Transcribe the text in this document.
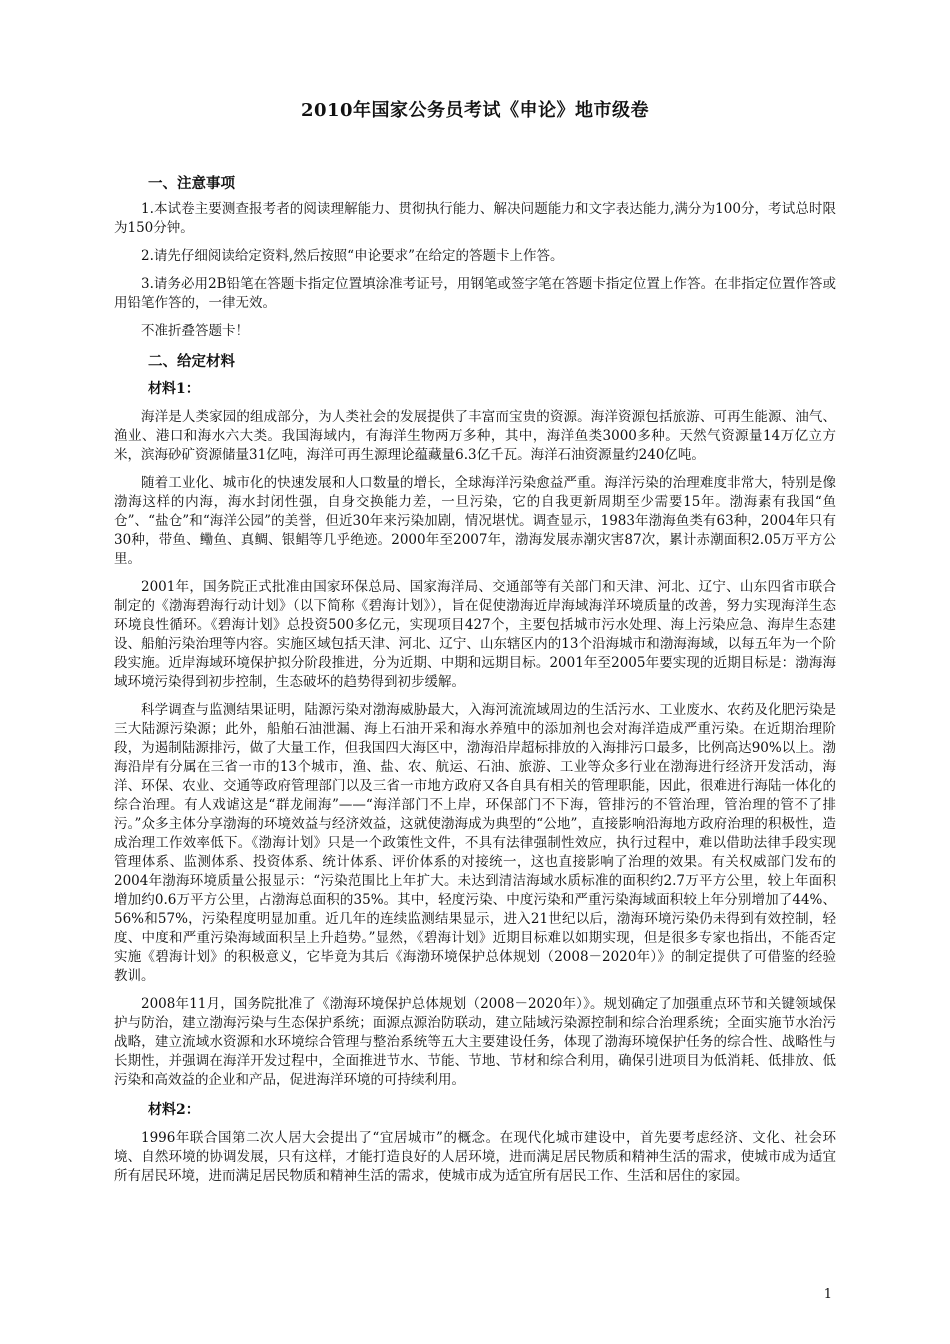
2010年国家公务员考试《申论》地市级卷
一、注意事项
1.本试卷主要测查报考者的阅读理解能力、贯彻执行能力、解决问题能力和文字表达能力,满分为100分，考试总时限为150分钟。
2.请先仔细阅读给定资料,然后按照“申论要求”在给定的答题卡上作答。
3.请务必用2B铅笔在答题卡指定位置填涂准考证号，用钢笔或签字笔在答题卡指定位置上作答。在非指定位置作答或用铅笔作答的，一律无效。
不准折叠答题卡！
二、给定材料
材料1：
海洋是人类家园的组成部分，为人类社会的发展提供了丰富而宝贵的资源。海洋资源包括旅游、可再生能源、油气、渔业、港口和海水六大类。我国海域内，有海洋生物两万多种，其中，海洋鱼类3000多种。天然气资源量14万亿立方米，滨海砂矿资源储量31亿吨，海洋可再生源理论蕴藏量6.3亿千瓦。海洋石油资源量约240亿吨。
随着工业化、城市化的快速发展和人口数量的增长，全球海洋污染愈益严重。海洋污染的治理难度非常大，特别是像渤海这样的内海，海水封闭性强，自身交换能力差，一旦污染，它的自我更新周期至少需要15年。渤海素有我国“鱼仓”、“盐仓”和“海洋公园”的美誉，但近30年来污染加剧，情况堪忧。调查显示，1983年渤海鱼类有63种，2004年只有30种，带鱼、鳓鱼、真鲷、银鲳等几乎绝迹。2000年至2007年，渤海发展赤潮灾害87次，累计赤潮面积2.05万平方公里。
2001年，国务院正式批准由国家环保总局、国家海洋局、交通部等有关部门和天津、河北、辽宁、山东四省市联合制定的《渤海碧海行动计划》（以下简称《碧海计划》），旨在促使渤海近岸海域海洋环境质量的改善，努力实现海洋生态环境良性循环。《碧海计划》总投资500多亿元，实现项目427个，主要包括城市污水处理、海上污染应急、海岸生态建设、船舶污染治理等内容。实施区域包括天津、河北、辽宁、山东辖区内的13个沿海城市和渤海海域，以每五年为一个阶段实施。近岸海域环境保护拟分阶段推进，分为近期、中期和远期目标。2001年至2005年要实现的近期目标是：渤海海域环境污染得到初步控制，生态破坏的趋势得到初步缓解。
科学调查与监测结果证明，陆源污染对渤海威胁最大，入海河流流域周边的生活污水、工业废水、农药及化肥污染是三大陆源污染源；此外，船舶石油泄漏、海上石油开采和海水养殖中的添加剂也会对海洋造成严重污染。在近期治理阶段，为遏制陆源排污，做了大量工作，但我国四大海区中，渤海沿岸超标排放的入海排污口最多，比例高达90%以上。渤海沿岸有分属在三省一市的13个城市，渔、盐、农、航运、石油、旅游、工业等众多行业在渤海进行经济开发活动，海洋、环保、农业、交通等政府管理部门以及三省一市地方政府又各自具有相关的管理职能，因此，很难进行海陆一体化的综合治理。有人戏谑这是“群龙闹海”——“海洋部门不上岸，环保部门不下海，管排污的不管治理，管治理的管不了排污。”众多主体分享渤海的环境效益与经济效益，这就使渤海成为典型的“公地”，直接影响沿海地方政府治理的积极性，造成治理工作效率低下。《渤海计划》只是一个政策性文件，不具有法律强制性效应，执行过程中，难以借助法律手段实现管理体系、监测体系、投资体系、统计体系、评价体系的对接统一，这也直接影响了治理的效果。有关权威部门发布的2004年渤海环境质量公报显示：“污染范围比上年扩大。未达到清洁海域水质标准的面积约2.7万平方公里，较上年面积增加约0.6万平方公里，占渤海总面积的35%。其中，轻度污染、中度污染和严重污染海域面积较上年分别增加了44%、56%和57%，污染程度明显加重。近几年的连续监测结果显示，进入21世纪以后，渤海环境污染仍未得到有效控制，轻度、中度和严重污染海域面积呈上升趋势。”显然，《碧海计划》近期目标难以如期实现，但是很多专家也指出，不能否定实施《碧海计划》的积极意义，它毕竟为其后《海渤环境保护总体规划（2008－2020年）》的制定提供了可借鉴的经验教训。
2008年11月，国务院批准了《渤海环境保护总体规划（2008－2020年）》。规划确定了加强重点环节和关键领域保护与防治，建立渤海污染与生态保护系统；面源点源治防联动，建立陆域污染源控制和综合治理系统；全面实施节水治污战略，建立流域水资源和水环境综合管理与整治系统等五大主要建设任务，体现了渤海环境保护任务的综合性、战略性与长期性，并强调在海洋开发过程中，全面推进节水、节能、节地、节材和综合利用，确保引进项目为低消耗、低排放、低污染和高效益的企业和产品，促进海洋环境的可持续利用。
材料2：
1996年联合国第二次人居大会提出了“宜居城市”的概念。在现代化城市建设中，首先要考虑经济、文化、社会环境、自然环境的协调发展，只有这样，才能打造良好的人居环境，进而满足居民物质和精神生活的需求，使城市成为适宜所有居民环境，进而满足居民物质和精神生活的需求，使城市成为适宜所有居民工作、生活和居住的家园。
1
